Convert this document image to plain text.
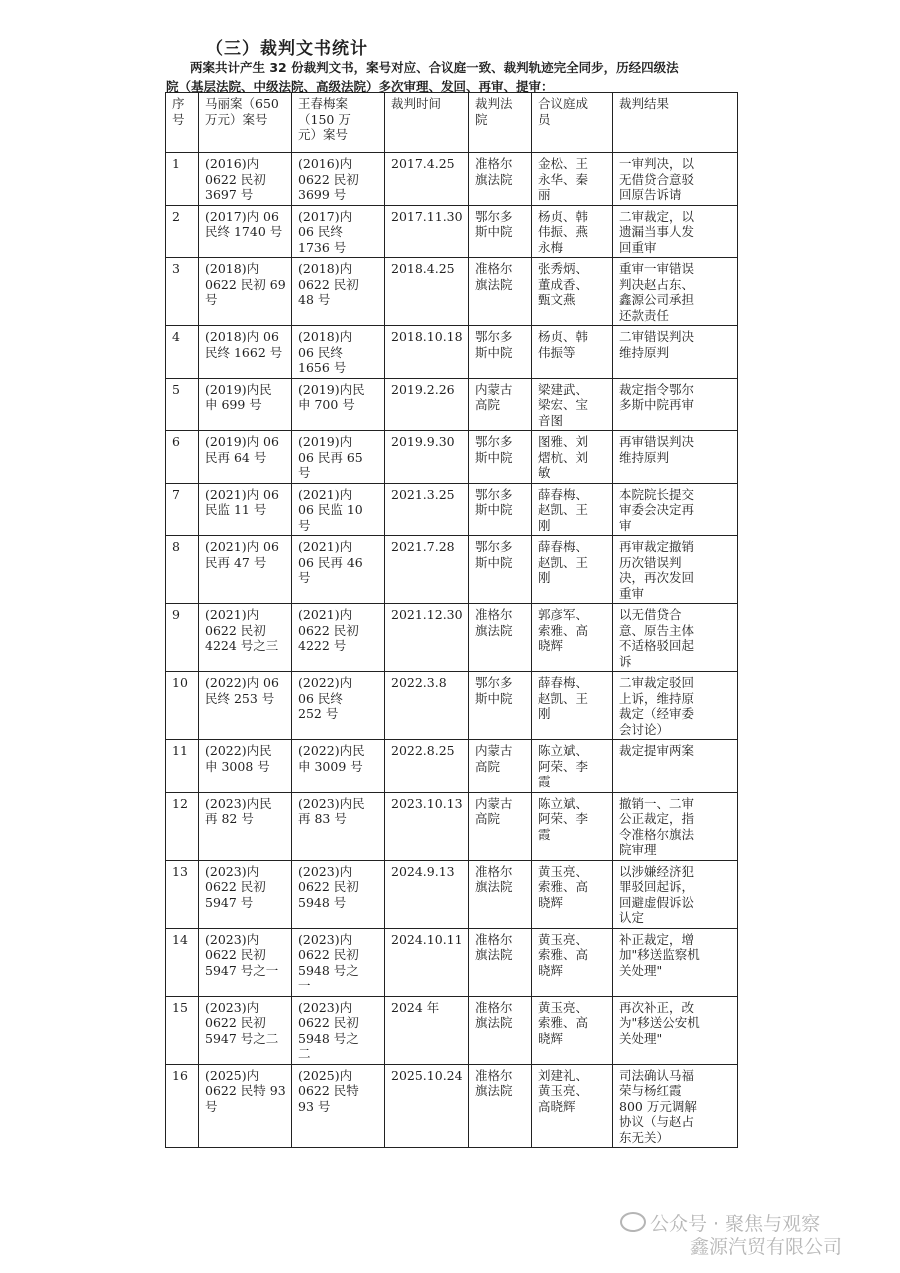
（三）裁判文书统计

两案共计产生 32 份裁判文书，案号对应、合议庭一致、裁判轨迹完全同步，历经四级法

院（基层法院、中级法院、高级法院）多次审理、发回、再审、提审：

序
号	马丽案（650
万元）案号	王春梅案
（150 万
元）案号	裁判时间	裁判法
院	合议庭成
员	裁判结果
1	(2016)内
0622 民初
3697 号	(2016)内
0622 民初
3699 号	2017.4.25	准格尔
旗法院	金松、王
永华、秦
丽	一审判决，以
无借贷合意驳
回原告诉请
2	(2017)内 06
民终 1740 号	(2017)内
06 民终
1736 号	2017.11.30	鄂尔多
斯中院	杨贞、韩
伟振、燕
永梅	二审裁定，以
遗漏当事人发
回重审
3	(2018)内
0622 民初 69
号	(2018)内
0622 民初
48 号	2018.4.25	准格尔
旗法院	张秀炳、
董成香、
甄文燕	重审一审错误
判决赵占东、
鑫源公司承担
还款责任
4	(2018)内 06
民终 1662 号	(2018)内
06 民终
1656 号	2018.10.18	鄂尔多
斯中院	杨贞、韩
伟振等	二审错误判决
维持原判
5	(2019)内民
申 699 号	(2019)内民
申 700 号	2019.2.26	内蒙古
高院	梁建武、
梁宏、宝
音图	裁定指令鄂尔
多斯中院再审
6	(2019)内 06
民再 64 号	(2019)内
06 民再 65
号	2019.9.30	鄂尔多
斯中院	图雅、刘
熠杭、刘
敏	再审错误判决
维持原判
7	(2021)内 06
民监 11 号	(2021)内
06 民监 10
号	2021.3.25	鄂尔多
斯中院	薛春梅、
赵凯、王
刚	本院院长提交
审委会决定再
审
8	(2021)内 06
民再 47 号	(2021)内
06 民再 46
号	2021.7.28	鄂尔多
斯中院	薛春梅、
赵凯、王
刚	再审裁定撤销
历次错误判
决，再次发回
重审
9	(2021)内
0622 民初
4224 号之三	(2021)内
0622 民初
4222 号	2021.12.30	准格尔
旗法院	郭彦军、
索雅、高
晓辉	以无借贷合
意、原告主体
不适格驳回起
诉
10	(2022)内 06
民终 253 号	(2022)内
06 民终
252 号	2022.3.8	鄂尔多
斯中院	薛春梅、
赵凯、王
刚	二审裁定驳回
上诉，维持原
裁定（经审委
会讨论）
11	(2022)内民
申 3008 号	(2022)内民
申 3009 号	2022.8.25	内蒙古
高院	陈立斌、
阿荣、李
霞	裁定提审两案
12	(2023)内民
再 82 号	(2023)内民
再 83 号	2023.10.13	内蒙古
高院	陈立斌、
阿荣、李
霞	撤销一、二审
公正裁定，指
令准格尔旗法
院审理
13	(2023)内
0622 民初
5947 号	(2023)内
0622 民初
5948 号	2024.9.13	准格尔
旗法院	黄玉亮、
索雅、高
晓辉	以涉嫌经济犯
罪驳回起诉，
回避虚假诉讼
认定
14	(2023)内
0622 民初
5947 号之一	(2023)内
0622 民初
5948 号之
一	2024.10.11	准格尔
旗法院	黄玉亮、
索雅、高
晓辉	补正裁定，增
加"移送监察机
关处理"
15	(2023)内
0622 民初
5947 号之二	(2023)内
0622 民初
5948 号之
二	2024 年	准格尔
旗法院	黄玉亮、
索雅、高
晓辉	再次补正，改
为"移送公安机
关处理"
16	(2025)内
0622 民特 93
号	(2025)内
0622 民特
93 号	2025.10.24	准格尔
旗法院	刘建礼、
黄玉亮、
高晓辉	司法确认马福
荣与杨红霞
800 万元调解
协议（与赵占
东无关）
公众号 · 聚焦与观察
鑫源汽贸有限公司
